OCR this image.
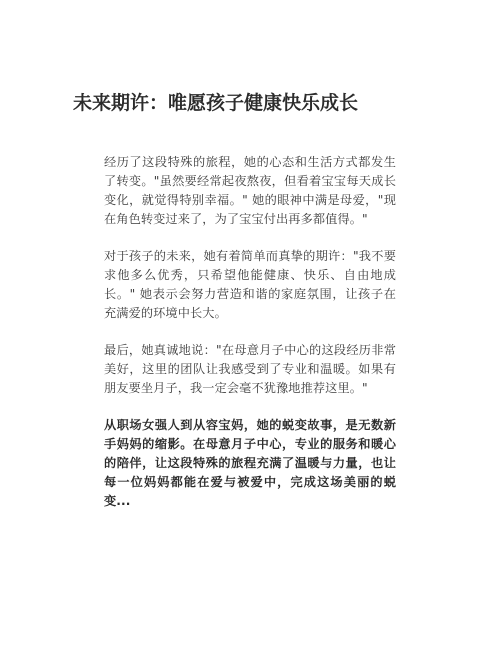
未来期许：唯愿孩子健康快乐成长

经历了这段特殊的旅程，她的心态和生活方式都发生了转变。"虽然要经常起夜熬夜，但看着宝宝每天成长变化，就觉得特别幸福。" 她的眼神中满是母爱，"现在角色转变过来了，为了宝宝付出再多都值得。"

对于孩子的未来，她有着简单而真挚的期许："我不要求他多么优秀，只希望他能健康、快乐、自由地成长。" 她表示会努力营造和谐的家庭氛围，让孩子在充满爱的环境中长大。

最后，她真诚地说："在母意月子中心的这段经历非常美好，这里的团队让我感受到了专业和温暖。如果有朋友要坐月子，我一定会毫不犹豫地推荐这里。"

从职场女强人到从容宝妈，她的蜕变故事，是无数新手妈妈的缩影。在母意月子中心，专业的服务和暖心的陪伴，让这段特殊的旅程充满了温暖与力量，也让每一位妈妈都能在爱与被爱中，完成这场美丽的蜕变...
